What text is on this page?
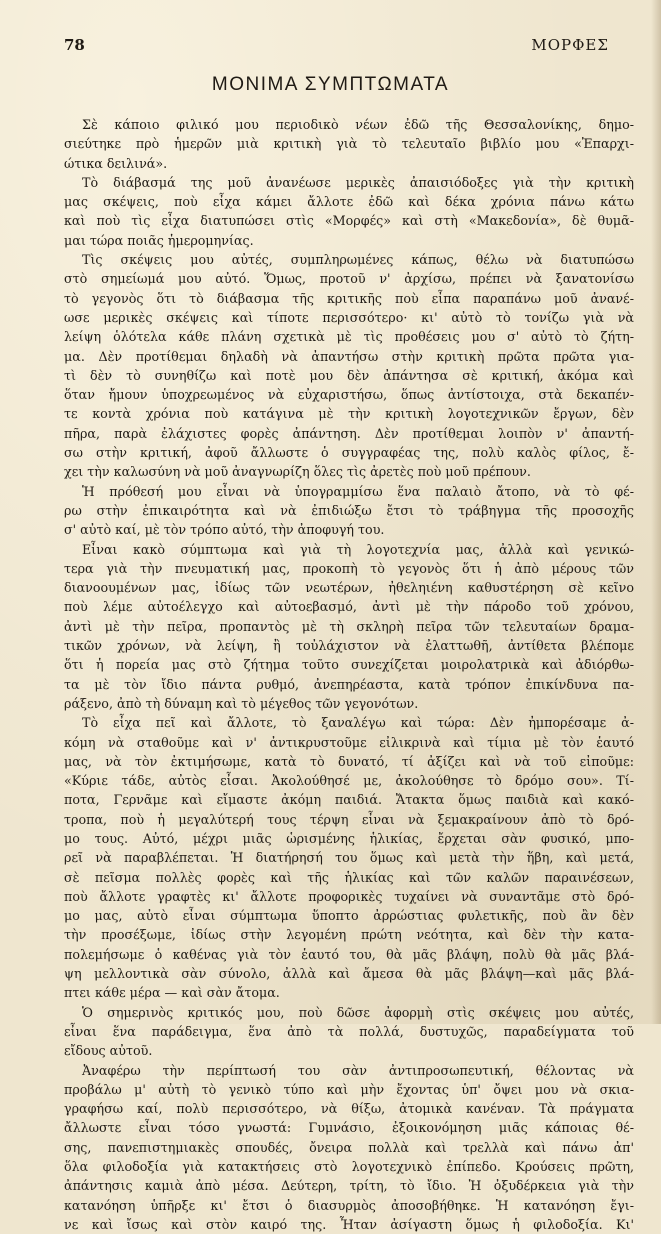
78	ΜΟΡΦΕΣ
ΜΟΝΙΜΑ ΣΥΜΠΤΩΜΑΤΑ
Σὲ κάποιο φιλικό μου περιοδικὸ νέων ἐδῶ τῆς Θεσσαλονίκης, δημο-
σιεύτηκε πρὸ ἡμερῶν μιὰ κριτικὴ γιὰ τὸ τελευταῖο βιβλίο μου «Ἐπαρχι-
ώτικα δειλινά».
Τὸ διάβασμά της μοῦ ἀνανέωσε μερικὲς ἀπαισιόδοξες γιὰ τὴν κριτικὴ
μας σκέψεις, ποὺ εἶχα κάμει ἄλλοτε ἐδῶ καὶ δέκα χρόνια πάνω κάτω
καὶ ποὺ τὶς εἶχα διατυπώσει στὶς «Μορφές» καὶ στὴ «Μακεδονία», δὲ θυμᾶ-
μαι τώρα ποιᾶς ἡμερομηνίας.
Τὶς σκέψεις μου αὐτές, συμπληρωμένες κάπως, θέλω νὰ διατυπώσω
στὸ σημείωμά μου αὐτό. Ὅμως, προτοῦ ν' ἀρχίσω, πρέπει νὰ ξανατονίσω
τὸ γεγονὸς ὅτι τὸ διάβασμα τῆς κριτικῆς ποὺ εἶπα παραπάνω μοῦ ἀνανέ-
ωσε μερικὲς σκέψεις καὶ τίποτε περισσότερο· κι' αὐτὸ τὸ τονίζω γιὰ νὰ
λείψη ὁλότελα κάθε πλάνη σχετικὰ μὲ τὶς προθέσεις μου σ' αὐτὸ τὸ ζήτη-
μα. Δὲν προτίθεμαι δηλαδὴ νὰ ἀπαντήσω στὴν κριτικὴ πρῶτα πρῶτα για-
τὶ δὲν τὸ συνηθίζω καὶ ποτὲ μου δὲν ἀπάντησα σὲ κριτική, ἀκόμα καὶ
ὅταν ἤμουν ὑποχρεωμένος νὰ εὐχαριστήσω, ὅπως ἀντίστοιχα, στὰ δεκαπέν-
τε κοντὰ χρόνια ποὺ κατάγινα μὲ τὴν κριτικὴ λογοτεχνικῶν ἔργων, δὲν
πῆρα, παρὰ ἐλάχιστες φορὲς ἀπάντηση. Δὲν προτίθεμαι λοιπὸν ν' ἀπαντή-
σω στὴν κριτική, ἀφοῦ ἄλλωστε ὁ συγγραφέας της, πολὺ καλὸς φίλος, ἔ-
χει τὴν καλωσύνη νὰ μοῦ ἀναγνωρίζη ὅλες τὶς ἀρετὲς ποὺ μοῦ πρέπουν.
Ἡ πρόθεσή μου εἶναι νὰ ὑπογραμμίσω ἕνα παλαιὸ ἄτοπο, νὰ τὸ φέ-
ρω στὴν ἐπικαιρότητα καὶ νὰ ἐπιδιώξω ἔτσι τὸ τράβηγμα τῆς προσοχῆς
σ' αὐτὸ καί, μὲ τὸν τρόπο αὐτό, τὴν ἀποφυγή του.
Εἶναι κακὸ σύμπτωμα καὶ γιὰ τὴ λογοτεχνία μας, ἀλλὰ καὶ γενικώ-
τερα γιὰ τὴν πνευματική μας, προκοπὴ τὸ γεγονὸς ὅτι ἡ ἀπὸ μέρους τῶν
διανοουμένων μας, ἰδίως τῶν νεωτέρων, ἠθεληιένη καθυστέρηση σὲ κεῖνο
ποὺ λέμε αὐτοέλεγχο καὶ αὐτοεβασμό, ἀντὶ μὲ τὴν πάροδο τοῦ χρόνου,
ἀντὶ μὲ τὴν πεῖρα, προπαντὸς μὲ τὴ σκληρὴ πεῖρα τῶν τελευταίων δραμα-
τικῶν χρόνων, νὰ λείψη, ἢ τοὐλάχιστον νὰ ἐλαττωθῆ, ἀντίθετα βλέπομε
ὅτι ἡ πορεία μας στὸ ζήτημα τοῦτο συνεχίζεται μοιρολατρικὰ καὶ ἀδιόρθω-
τα μὲ τὸν ἴδιο πάντα ρυθμό, ἀνεπηρέαστα, κατὰ τρόπον ἐπικίνδυνα πα-
ράξενο, ἀπὸ τὴ δύναμη καὶ τὸ μέγεθος τῶν γεγονότων.
Τὸ εἶχα πεῖ καὶ ἄλλοτε, τὸ ξαναλέγω καὶ τώρα: Δὲν ἠμπορέσαμε ἀ-
κόμη νὰ σταθοῦμε καὶ ν' ἀντικρυστοῦμε εἰλικρινὰ καὶ τίμια μὲ τὸν ἑαυτό
μας, νὰ τὸν ἐκτιμήσωμε, κατὰ τὸ δυνατό, τί ἀξίζει καὶ νὰ τοῦ εἰποῦμε:
«Κύριε τάδε, αὐτὸς εἶσαι. Ἀκολούθησέ με, ἀκολούθησε τὸ δρόμο σου». Τί-
ποτα, Γερνᾶμε καὶ εἴμαστε ἀκόμη παιδιά. Ἄτακτα ὅμως παιδιὰ καὶ κακό-
τροπα, ποὺ ἡ μεγαλύτερή τους τέρψη εἶναι νὰ ξεμακραίνουν ἀπὸ τὸ δρό-
μο τους. Αὐτό, μέχρι μιᾶς ὡρισμένης ἡλικίας, ἔρχεται σὰν φυσικό, μπο-
ρεῖ νὰ παραβλέπεται. Ἡ διατήρησή του ὅμως καὶ μετὰ τὴν ἥβη, καὶ μετά,
σὲ πεῖσμα πολλὲς φορὲς καὶ τῆς ἡλικίας καὶ τῶν καλῶν παραινέσεων,
ποὺ ἄλλοτε γραφτὲς κι' ἄλλοτε προφορικὲς τυχαίνει νὰ συναντᾶμε στὸ δρό-
μο μας, αὐτὸ εἶναι σύμπτωμα ὕποπτο ἀρρώστιας φυλετικῆς, ποὺ ἂν δὲν
τὴν προσέξωμε, ἰδίως στὴν λεγομένη πρώτη νεότητα, καὶ δὲν τὴν κατα-
πολεμήσωμε ὁ καθένας γιὰ τὸν ἑαυτό του, θὰ μᾶς βλάψη, πολὺ θὰ μᾶς βλά-
ψη μελλοντικὰ σὰν σύνολο, ἀλλὰ καὶ ἄμεσα θὰ μᾶς βλάψη—καὶ μᾶς βλά-
πτει κάθε μέρα — καὶ σὰν ἄτομα.
Ὁ σημερινὸς κριτικός μου, ποὺ δῶσε ἀφορμὴ στὶς σκέψεις μου αὐτές,
εἶναι ἕνα παράδειγμα, ἕνα ἀπὸ τὰ πολλά, δυστυχῶς, παραδείγματα τοῦ
εἴδους αὐτοῦ.
Ἀναφέρω τὴν περίπτωσή του σὰν ἀντιπροσωπευτική, θέλοντας νὰ
προβάλω μ' αὐτὴ τὸ γενικὸ τύπο καὶ μὴν ἔχοντας ὑπ' ὄψει μου νὰ σκια-
γραφήσω καί, πολὺ περισσότερο, νὰ θίξω, ἀτομικὰ κανέναν. Τὰ πράγματα
ἄλλωστε εἶναι τόσο γνωστά: Γυμνάσιο, ἐξοικονόμηση μιᾶς κάποιας θέ-
σης, πανεπιστημιακὲς σπουδές, ὄνειρα πολλὰ καὶ τρελλὰ καὶ πάνω ἀπ'
ὅλα φιλοδοξία γιὰ κατακτήσεις στὸ λογοτεχνικὸ ἐπίπεδο. Κρούσεις πρῶτη,
ἀπάντησις καμιὰ ἀπὸ μέσα. Δεύτερη, τρίτη, τὸ ἴδιο. Ἡ ὀξυδέρκεια γιὰ τὴν
κατανόηση ὑπῆρξε κι' ἔτσι ὁ διασυρμὸς ἀποσοβήθηκε. Ἡ κατανόηση ἔγι-
νε καὶ ἴσως καὶ στὸν καιρό της. Ἦταν ἀσίγαστη ὅμως ἡ φιλοδοξία. Κι'
